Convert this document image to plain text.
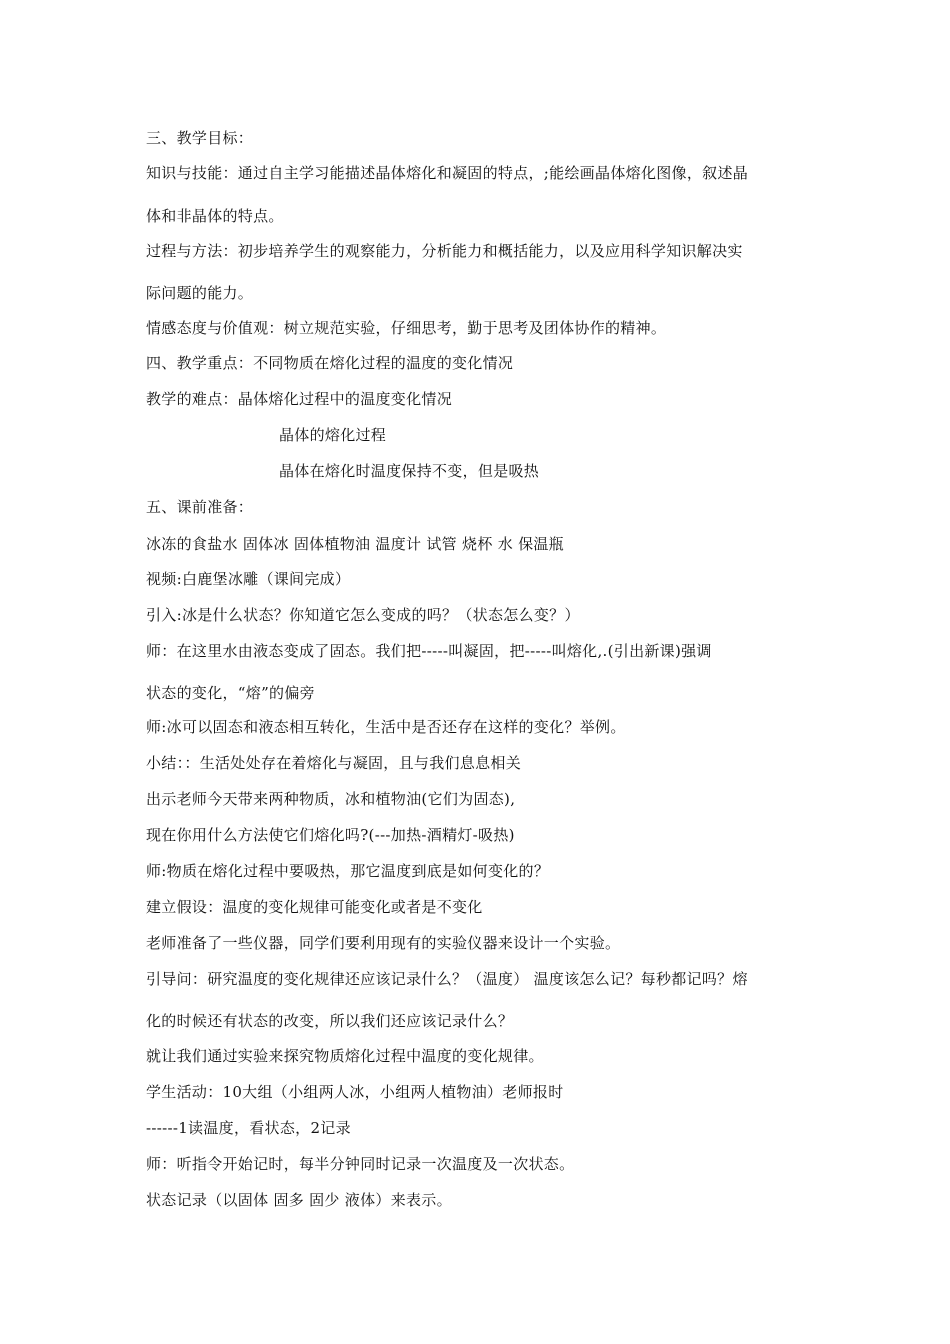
三、教学目标：
知识与技能：通过自主学习能描述晶体熔化和凝固的特点，;能绘画晶体熔化图像，叙述晶
体和非晶体的特点。
过程与方法：初步培养学生的观察能力，分析能力和概括能力，以及应用科学知识解决实
际问题的能力。
情感态度与价值观：树立规范实验，仔细思考，勤于思考及团体协作的精神。
四、教学重点：不同物质在熔化过程的温度的变化情况
教学的难点：晶体熔化过程中的温度变化情况
晶体的熔化过程
晶体在熔化时温度保持不变，但是吸热
五、课前准备：
冰冻的食盐水 固体冰 固体植物油 温度计 试管 烧杯 水 保温瓶
视频:白鹿堡冰雕（课间完成）
引入:冰是什么状态？你知道它怎么变成的吗？（状态怎么变？）
师：在这里水由液态变成了固态。我们把-----叫凝固，把-----叫熔化,.(引出新课)强调
状态的变化，“熔”的偏旁
师:冰可以固态和液态相互转化，生活中是否还存在这样的变化？举例。
小结：：生活处处存在着熔化与凝固，且与我们息息相关
出示老师今天带来两种物质，冰和植物油(它们为固态),
现在你用什么方法使它们熔化吗?(---加热-酒精灯-吸热)
师:物质在熔化过程中要吸热，那它温度到底是如何变化的？
建立假设：温度的变化规律可能变化或者是不变化
老师准备了一些仪器，同学们要利用现有的实验仪器来设计一个实验。
引导问：研究温度的变化规律还应该记录什么？（温度） 温度该怎么记？每秒都记吗？熔
化的时候还有状态的改变，所以我们还应该记录什么？
就让我们通过实验来探究物质熔化过程中温度的变化规律。
学生活动：10大组（小组两人冰，小组两人植物油）老师报时
------1读温度，看状态，2记录
师：听指令开始记时，每半分钟同时记录一次温度及一次状态。
状态记录（以固体 固多 固少 液体）来表示。
